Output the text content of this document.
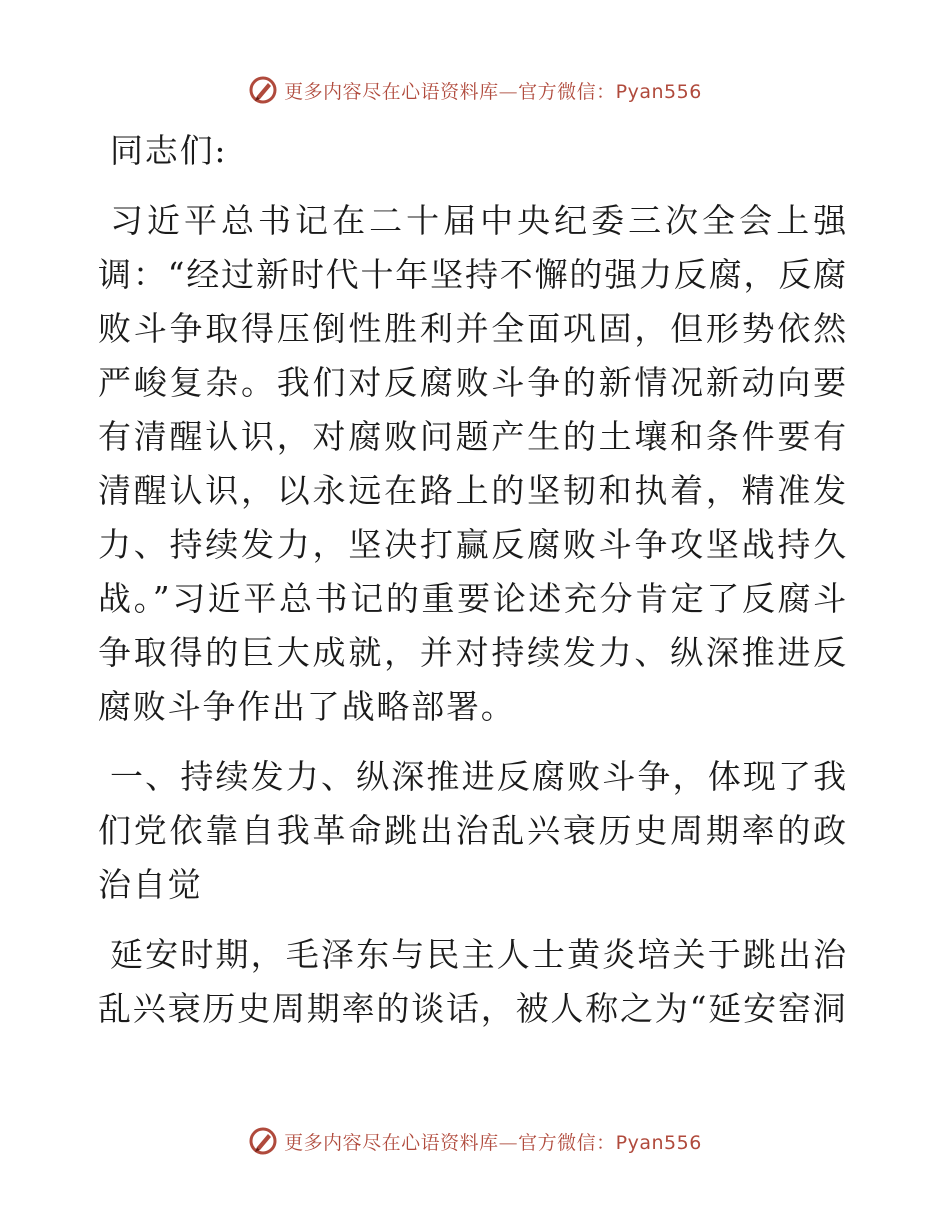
更多内容尽在心语资料库—官方微信：Pyan556

同志们:

习近平总书记在二十届中央纪委三次全会上强调：“经过新时代十年坚持不懈的强力反腐，反腐败斗争取得压倒性胜利并全面巩固，但形势依然严峻复杂。我们对反腐败斗争的新情况新动向要有清醒认识，对腐败问题产生的土壤和条件要有清醒认识，以永远在路上的坚韧和执着，精准发力、持续发力，坚决打赢反腐败斗争攻坚战持久战。”习近平总书记的重要论述充分肯定了反腐斗争取得的巨大成就，并对持续发力、纵深推进反腐败斗争作出了战略部署。

一、持续发力、纵深推进反腐败斗争，体现了我们党依靠自我革命跳出治乱兴衰历史周期率的政治自觉

延安时期，毛泽东与民主人士黄炎培关于跳出治乱兴衰历史周期率的谈话，被人称之为“延安窑洞

更多内容尽在心语资料库—官方微信：Pyan556
